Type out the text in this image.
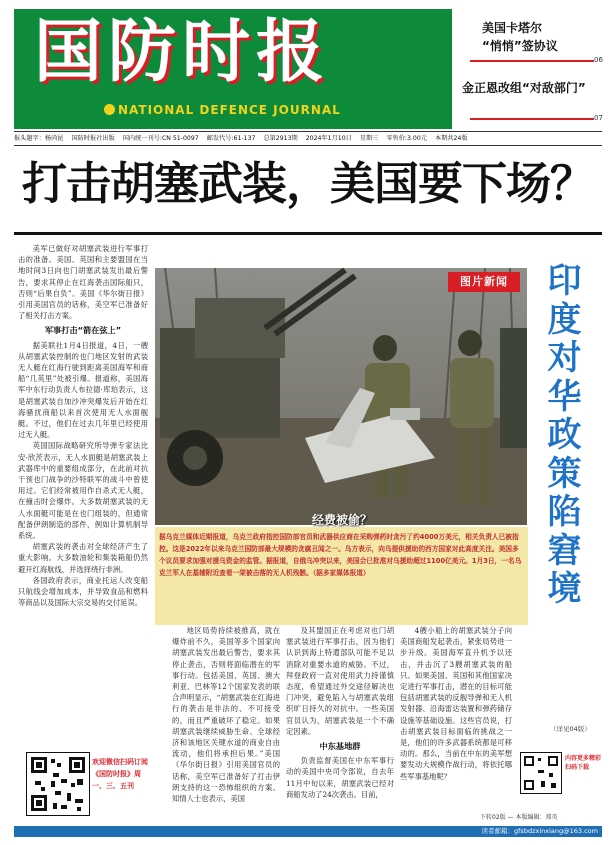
国防时报
NATIONAL DEFENCE JOURNAL
美国卡塔尔
“悄悄”签协议
06
金正恩改组“对敌部门”
07
报头题字：杨尚昆 国防时报社出版 国内统一刊号:CN 51-0097 邮发代号:61-137 总第2913期 2024年1月10日 星期三 零售价:3.00元 本期共24版
打击胡塞武装，美国要下场？

美军已做好对胡塞武装进行军事打击的准备。美国、英国和主要盟国在当地时间3日向也门胡塞武装发出最后警告，要求其停止在红海袭击国际船只，否则“后果自负”。美国《华尔街日报》引用美国官员的话称，美空军已准备好了相关打击方案。

军事打击“箭在弦上”

据美联社1月4日报道，4日，一艘从胡塞武装控制的也门地区发射的武装无人艇在红海行驶到距离美国海军和商船“几英里”处被引爆。报道称，美国海军中东行动负责人布拉德·库珀表示，这是胡塞武装自加沙冲突爆发后开始在红海骚扰商船以来首次使用无人水面舰艇。不过，他们在过去几年里已经使用过无人艇。

英国国际战略研究所导弹专家法比安·欣茨表示，无人水面艇是胡塞武装上武器库中的重要组成部分，在此前对抗干预也门战争的沙特联军的战斗中曾使用过。它们经常被用作自杀式无人艇，在撞击时会爆炸。大多数胡塞武装的无人水面艇可能是在也门组装的，但通常配备伊朗制造的部件，例如计算机制导系统。

胡塞武装的袭击对全球经济产生了重大影响。大多数油轮和集装箱船仍然避开红海航线，并选择绕行非洲。

各国政府表示，商业托运人改变船只航线会增加成本，并导致食品和燃料等商品以及国际大宗交易的交付延误。

欢迎微信扫码订阅《国防时报》周一、三、五刊
图片新闻
经费被偷？
据乌克兰媒体近期报道，乌克兰政府指控国防部官员和武器供应商在采购弹药时贪污了约4000万美元，相关负责人已被指控。这是2022年以来乌克兰国防部最大规模的贪腐丑闻之一。乌方表示，向乌提供援助的西方国家对此高度关注。美国多个议员要求加强对援乌资金的监管。据报道，自俄乌冲突以来，美国会已批准对乌援助超过1100亿美元。1月3日，一名乌克兰军人在基辅附近查看一架被击落的无人机残骸。（据多家媒体报道）
印度对华政策陷窘境
（详见04版）

地区局势持续被推高，就在爆炸前不久，美国等多个国家向胡塞武装发出最后警告，要求其停止袭击，否则将面临潜在的军事行动。包括美国、英国、澳大利亚、巴林等12个国家发表的联合声明显示，“胡塞武装在红海进行的袭击是非法的、不可接受的，而且严重破坏了稳定。如果胡塞武装继续威胁生命、全球经济和该地区关键水道的商业自由流动，他们将承担后果。”美国《华尔街日报》引用美国官员的话称，美空军已准备好了打击伊朗支持的这一恐怖组织的方案。知情人士也表示，美国

及其盟国正在考虑对也门胡塞武装进行军事打击，因为他们认识到海上特遣部队可能不足以消除对重要水道的威胁。不过，拜登政府一直对使用武力持谨慎态度，希望通过外交途径解决也门冲突，避免陷入与胡塞武装组织旷日持久的对抗中。一些美国官员认为，胡塞武装是一个不确定因素。

中东基地群

负责监督美国在中东军事行动的美国中央司令部说，自去年11月中旬以来，胡塞武装已经对商船发动了24次袭击。目前，

4艘小船上的胡塞武装分子向美国商船发起袭击，紧张局势进一步升级。美国海军直升机予以还击，并击沉了3艘胡塞武装的船只。如果美国、英国和其他国家决定进行军事打击，潜在的目标可能包括胡塞武装的反舰导弹和无人机发射器、沿海雷达装置和弹药储存设施等基础设施。这些官员说，打击胡塞武装目标面临的挑战之一是，他们的许多武器系统都是可移动的。那么，当前在中东的美军想要发动大规模作战行动，将依托哪些军事基地呢？

下转02版 — 本版编辑：郑英
内容更多精彩扫码下载
读者邮箱：gfsbdzxinxiang@163.com
